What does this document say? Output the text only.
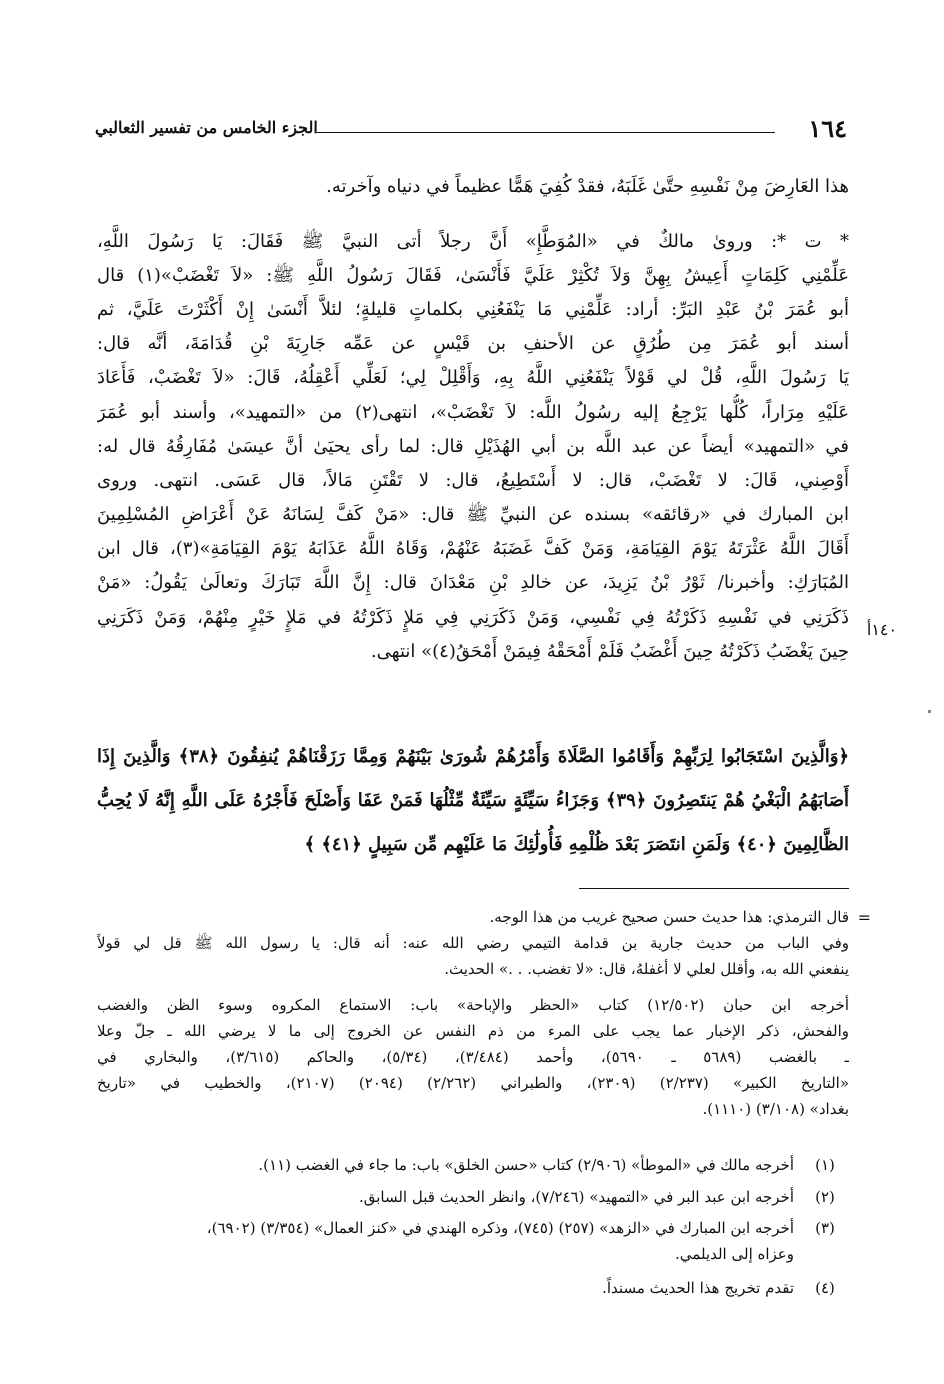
١٦٤
الجزء الخامس من تفسير الثعالبي
١٤٠أ
هذا العَارِضَ مِنْ نَفْسِهِ حتَّىٰ غَلَبَهُ، فقدْ كُفِيَ هَمًّا عظيماً في دنياه وآخرته.
* ت *: ورویٰ مالكٌ في «المُوَطَّإِ» أَنَّ رجلاً أتى النبيَّ ﷺ فَقَالَ: يَا رَسُولَ اللَّهِ،
عَلِّمْنِي كَلِمَاتٍ أَعِيشُ بِهِنَّ وَلاَ تُكْثِرْ عَلَيَّ فَأَنْسَىٰ، فَقَالَ رَسُولُ اللَّهِ ﷺ: «لاَ تَغْضَبْ»(١) قال
أبو عُمَرَ بْنُ عَبْدِ البَرِّ: أراد: عَلِّمْنِي مَا يَنْفَعُنِي بكلماتٍ قليلةٍ؛ لئلاَّ أَنْسَىٰ إِنْ أَكْثَرْتَ عَلَيَّ، ثم
أسند أبو عُمَرَ مِن طُرُقٍ عن الأحنفِ بن قَيْسٍ عن عَمِّه جَارِيَةَ بْنِ قُدَامَةَ، أنَّه قال:
يَا رَسُولَ اللَّهِ، قُلْ لي قَوْلاً يَنْفَعُنِي اللَّهُ بِهِ، وَأَقْلِلْ لِي؛ لَعَلِّي أَعْقِلُهُ، قَالَ: «لاَ تَغْضَبْ، فَأَعَادَ
عَلَيْهِ مِرَاراً، كُلُّها يَرْجِعُ إليه رسُولُ اللَّه: لاَ تَغْضَبْ»، انتهى(٢) من «التمهيد»، وأسند أبو عُمَرَ
في «التمهيد» أيضاً عن عبد اللَّه بن أبي الهُذَيْلِ قال: لما رأى يحيَىٰ أنَّ عيسَىٰ مُفَارِقُهُ قال له:
أَوْصِني، قَالَ: لا تَغْضَبْ، قال: لا أَسْتَطِيعُ، قال: لا تَقْتَنِ مَالاً، قال عَسَى. انتهى. وروى
ابن المبارك في «رقائقه» بسنده عن النبيِّ ﷺ قال: «مَنْ كَفَّ لِسَانَهُ عَنْ أَعْرَاضِ المُسْلِمِينَ
أَقَالَ اللَّهُ عَثْرَتَهُ يَوْمَ القِيَامَةِ، وَمَنْ كَفَّ غَضَبَهُ عَنْهُمْ، وَقَاهُ اللَّهُ عَذَابَهُ يَوْمَ القِيَامَةِ»(٣)، قال ابن
المُبَارَكِ: وأخبرنا/ ثَوْرُ بْنُ يَزِيدَ، عن خالدِ بْنِ مَعْدَانَ قال: إِنَّ اللَّهَ تَبَارَكَ وتعالَىٰ يَقُولُ: «مَنْ
ذَكَرَنِي في نَفْسِهِ ذَكَرْتُهُ فِي نَفْسِي، وَمَنْ ذَكَرَنِي فِي مَلإٍ ذَكَرْتُهُ في مَلإٍ خَيْرٍ مِنْهُمْ، وَمَنْ ذَكَرَنِي
حِينَ يَغْضَبُ ذَكَرْتُهُ حِينَ أَغْضَبُ فَلَمْ أَمْحَقْهُ فِيمَنْ أَمْحَقُ(٤)» انتهى.
﴿وَالَّذِينَ اسْتَجَابُوا لِرَبِّهِمْ وَأَقَامُوا الصَّلَاةَ وَأَمْرُهُمْ شُورَىٰ بَيْنَهُمْ وَمِمَّا رَزَقْنَاهُمْ يُنفِقُونَ ﴿٣٨﴾ وَالَّذِينَ إِذَا
أَصَابَهُمُ الْبَغْيُ هُمْ يَنتَصِرُونَ ﴿٣٩﴾ وَجَزَاءُ سَيِّئَةٍ سَيِّئَةٌ مِّثْلُهَا فَمَنْ عَفَا وَأَصْلَحَ فَأَجْرُهُ عَلَى اللَّهِ إِنَّهُ لَا يُحِبُّ
الظَّالِمِينَ ﴿٤٠﴾ وَلَمَنِ انتَصَرَ بَعْدَ ظُلْمِهِ فَأُولَٰئِكَ مَا عَلَيْهِم مِّن سَبِيلٍ ﴿٤١﴾ ﴾
=
قال الترمذي: هذا حديث حسن صحيح غريب من هذا الوجه.
وفي الباب من حديث جارية بن قدامة التيمي رضي الله عنه: أنه قال: يا رسول الله ﷺ قل لي قولاً
ينفعني الله به، وأقلل لعلي لا أغفلهُ، قال: «لا تغضب. . .» الحديث.
أخرجه ابن حبان (١٢/٥٠٢) كتاب «الحظر والإباحة» باب: الاستماع المكروه وسوء الظن والغضب
والفحش، ذكر الإخبار عما يجب على المرء من ذم النفس عن الخروج إلى ما لا يرضي الله ـ جلّ وعلا
ـ بالغضب (٥٦٨٩ ـ ٥٦٩٠)، وأحمد (٣/٤٨٤)، (٥/٣٤)، والحاكم (٣/٦١٥)، والبخاري في
«التاريخ الكبير» (٢/٢٣٧) (٢٣٠٩)، والطبراني (٢/٢٦٢) (٢٠٩٤) (٢١٠٧)، والخطيب في «تاريخ
بغداد» (٣/١٠٨) (١١١٠).
(١)
أخرجه مالك في «الموطأ» (٢/٩٠٦) كتاب «حسن الخلق» باب: ما جاء في الغضب (١١).
(٢)
أخرجه ابن عبد البر في «التمهيد» (٧/٢٤٦)، وانظر الحديث قبل السابق.
(٣)
أخرجه ابن المبارك في «الزهد» (٢٥٧) (٧٤٥)، وذكره الهندي في «كنز العمال» (٣/٣٥٤) (٦٩٠٢)،
وعزاه إلى الديلمي.
(٤)
تقدم تخريج هذا الحديث مسنداً.
